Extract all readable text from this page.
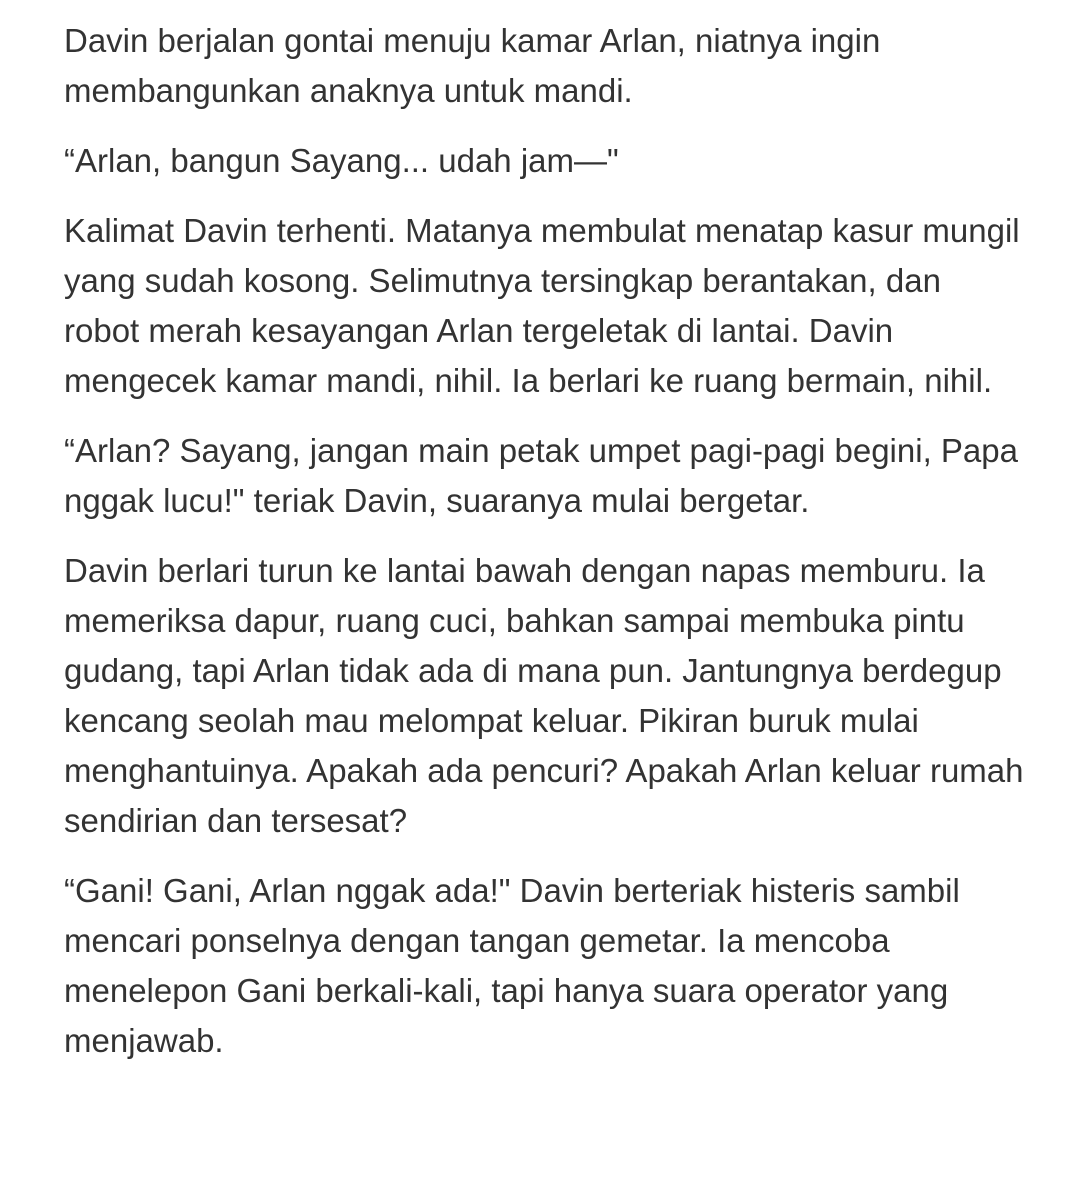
Davin berjalan gontai menuju kamar Arlan, niatnya ingin membangunkan anaknya untuk mandi.

“Arlan, bangun Sayang... udah jam—"

Kalimat Davin terhenti. Matanya membulat menatap kasur mungil yang sudah kosong. Selimutnya tersingkap berantakan, dan robot merah kesayangan Arlan tergeletak di lantai. Davin mengecek kamar mandi, nihil. Ia berlari ke ruang bermain, nihil.

“Arlan? Sayang, jangan main petak umpet pagi-pagi begini, Papa nggak lucu!" teriak Davin, suaranya mulai bergetar.

Davin berlari turun ke lantai bawah dengan napas memburu. Ia memeriksa dapur, ruang cuci, bahkan sampai membuka pintu gudang, tapi Arlan tidak ada di mana pun. Jantungnya berdegup kencang seolah mau melompat keluar. Pikiran buruk mulai menghantuinya. Apakah ada pencuri? Apakah Arlan keluar rumah sendirian dan tersesat?

“Gani! Gani, Arlan nggak ada!" Davin berteriak histeris sambil mencari ponselnya dengan tangan gemetar. Ia mencoba menelepon Gani berkali-kali, tapi hanya suara operator yang menjawab.
